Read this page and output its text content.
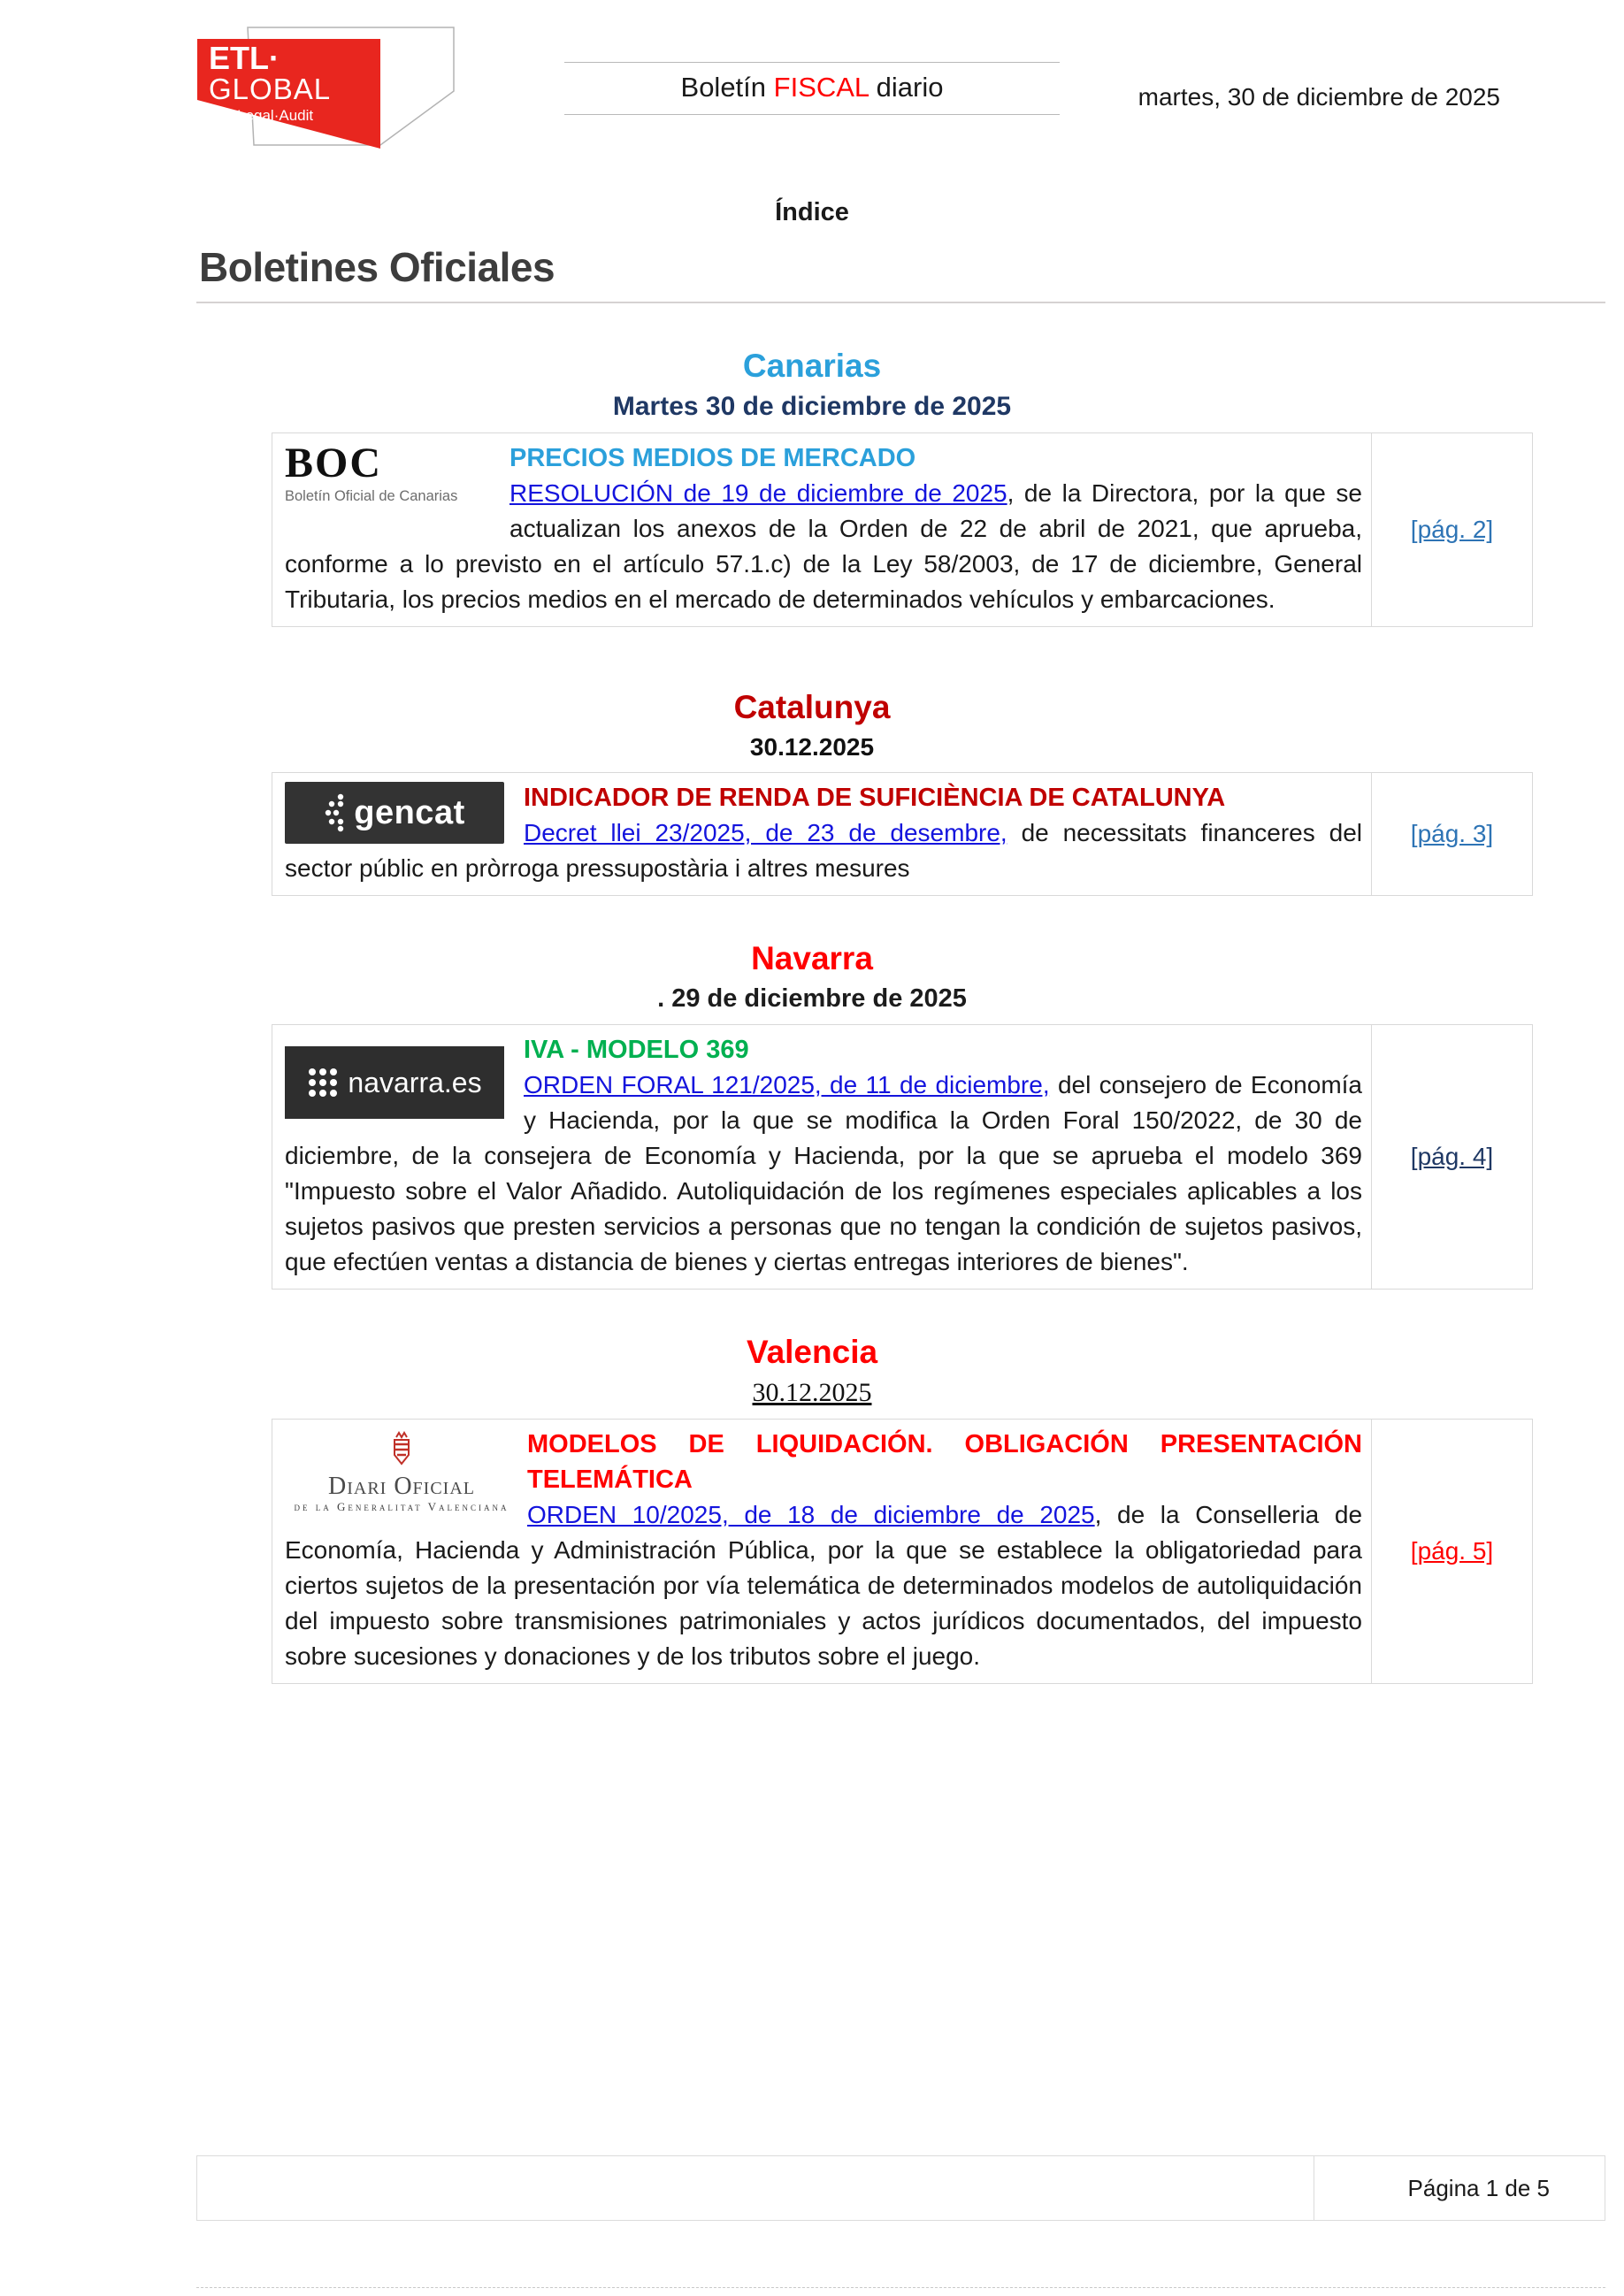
ETL·
GLOBAL
Tax·Legal·Audit
Boletín FISCAL diario	martes, 30 de diciembre de 2025
Índice
Boletines Oficiales
Canarias
Martes 30 de diciembre de 2025
BOC
Boletín Oficial de Canarias

PRECIOS MEDIOS DE MERCADO
RESOLUCIÓN de 19 de diciembre de 2025, de la Directora, por la que se actualizan los anexos de la Orden de 22 de abril de 2021, que aprueba, conforme a lo previsto en el artículo 57.1.c) de la Ley 58/2003, de 17 de diciembre, General Tributaria, los precios medios en el mercado de determinados vehículos y embarcaciones.

[pág. 2]
Catalunya
30.12.2025
gencat	INDICADOR DE RENDA DE SUFICIÈNCIA DE CATALUNYA
Decret llei 23/2025, de 23 de desembre, de necessitats financeres del sector públic en pròrroga pressupostària i altres mesures

[pág. 3]
Navarra
. 29 de diciembre de 2025
navarra.es

IVA - MODELO 369
ORDEN FORAL 121/2025, de 11 de diciembre, del consejero de Economía y Hacienda, por la que se modifica la Orden Foral 150/2022, de 30 de diciembre, de la consejera de Economía y Hacienda, por la que se aprueba el modelo 369 "Impuesto sobre el Valor Añadido. Autoliquidación de los regímenes especiales aplicables a los sujetos pasivos que presten servicios a personas que no tengan la condición de sujetos pasivos, que efectúen ventas a distancia de bienes y ciertas entregas interiores de bienes".

[pág. 4]
Valencia
30.12.2025
Diari Oficial
de la Generalitat Valenciana

MODELOS DE LIQUIDACIÓN. OBLIGACIÓN PRESENTACIÓN TELEMÁTICA
ORDEN 10/2025, de 18 de diciembre de 2025, de la Conselleria de Economía, Hacienda y Administración Pública, por la que se establece la obligatoriedad para ciertos sujetos de la presentación por vía telemática de determinados modelos de autoliquidación del impuesto sobre transmisiones patrimoniales y actos jurídicos documentados, del impuesto sobre sucesiones y donaciones y de los tributos sobre el juego.

[pág. 5]
Página 1 de 5
